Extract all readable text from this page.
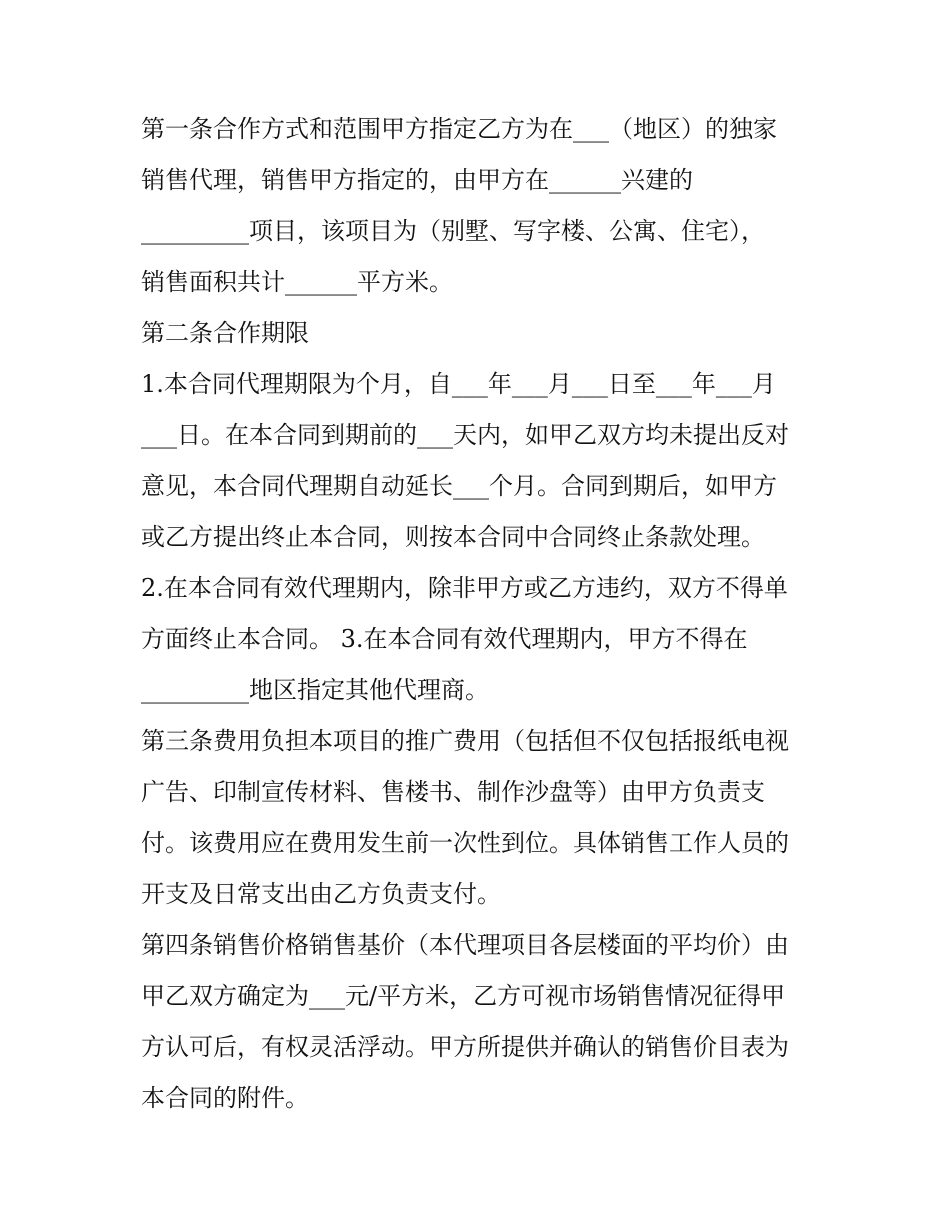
第一条合作方式和范围甲方指定乙方为在___（地区）的独家
销售代理，销售甲方指定的，由甲方在______兴建的
_________项目，该项目为（别墅、写字楼、公寓、住宅），
销售面积共计______平方米。
第二条合作期限
1.本合同代理期限为个月，自___年___月___日至___年___月
___日。在本合同到期前的___天内，如甲乙双方均未提出反对
意见，本合同代理期自动延长___个月。合同到期后，如甲方
或乙方提出终止本合同，则按本合同中合同终止条款处理。
2.在本合同有效代理期内，除非甲方或乙方违约，双方不得单
方面终止本合同。 3.在本合同有效代理期内，甲方不得在
_________地区指定其他代理商。
第三条费用负担本项目的推广费用（包括但不仅包括报纸电视
广告、印制宣传材料、售楼书、制作沙盘等）由甲方负责支
付。该费用应在费用发生前一次性到位。具体销售工作人员的
开支及日常支出由乙方负责支付。
第四条销售价格销售基价（本代理项目各层楼面的平均价）由
甲乙双方确定为___元/平方米，乙方可视市场销售情况征得甲
方认可后，有权灵活浮动。甲方所提供并确认的销售价目表为
本合同的附件。
